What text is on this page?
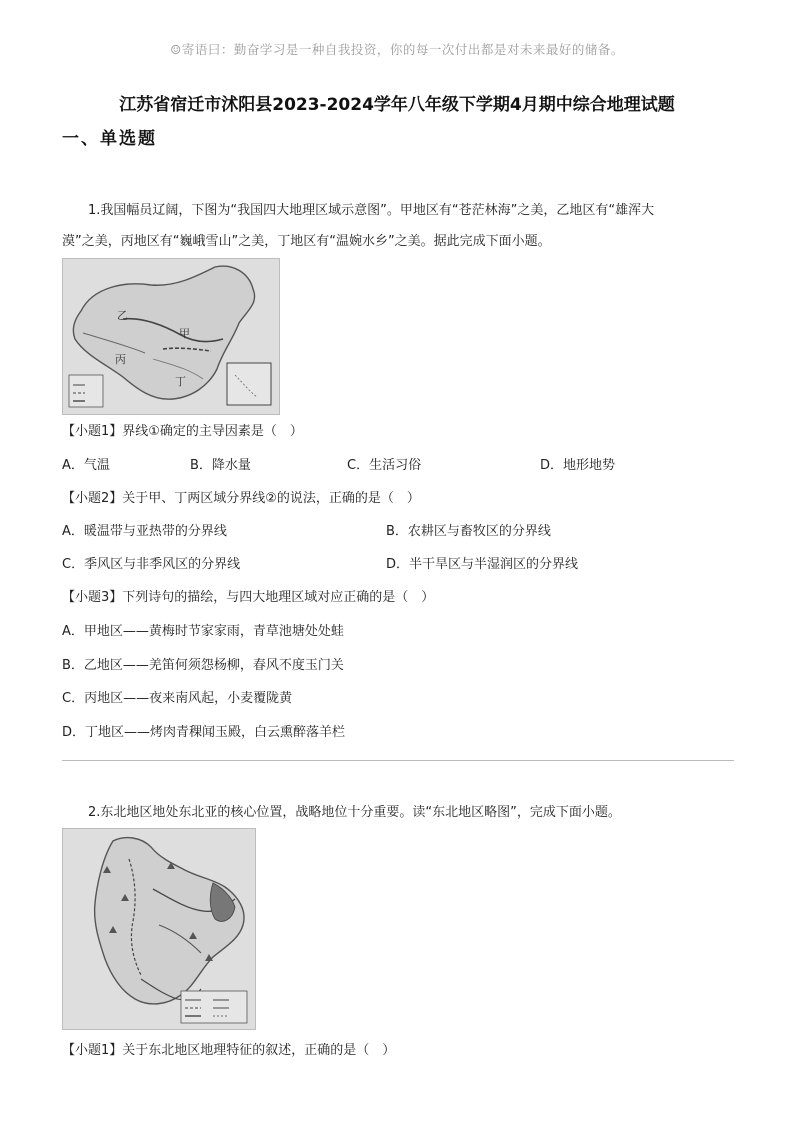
☺寄语曰：勤奋学习是一种自我投资，你的每一次付出都是对未来最好的储备。
江苏省宿迁市沭阳县2023-2024学年八年级下学期4月期中综合地理试题
一、单选题
1.我国幅员辽阔，下图为“我国四大地理区域示意图”。甲地区有“苍茫林海”之美，乙地区有“雄浑大
漠”之美，丙地区有“巍峨雪山”之美，丁地区有“温婉水乡”之美。据此完成下面小题。
乙
甲
丙
丁
【小题1】界线①确定的主导因素是（　）
A．气温	B．降水量	C．生活习俗	D．地形地势
【小题2】关于甲、丁两区域分界线②的说法，正确的是（　）
A．暖温带与亚热带的分界线	B．农耕区与畜牧区的分界线
C．季风区与非季风区的分界线	D．半干旱区与半湿润区的分界线
【小题3】下列诗句的描绘，与四大地理区域对应正确的是（　）
A．甲地区——黄梅时节家家雨，青草池塘处处蛙
B．乙地区——羌笛何须怨杨柳，春风不度玉门关
C．丙地区——夜来南风起，小麦覆陇黄
D．丁地区——烤肉青稞闻玉殿，白云熏醉落羊栏
2.东北地区地处东北亚的核心位置，战略地位十分重要。读“东北地区略图”，完成下面小题。
【小题1】关于东北地区地理特征的叙述，正确的是（　）
